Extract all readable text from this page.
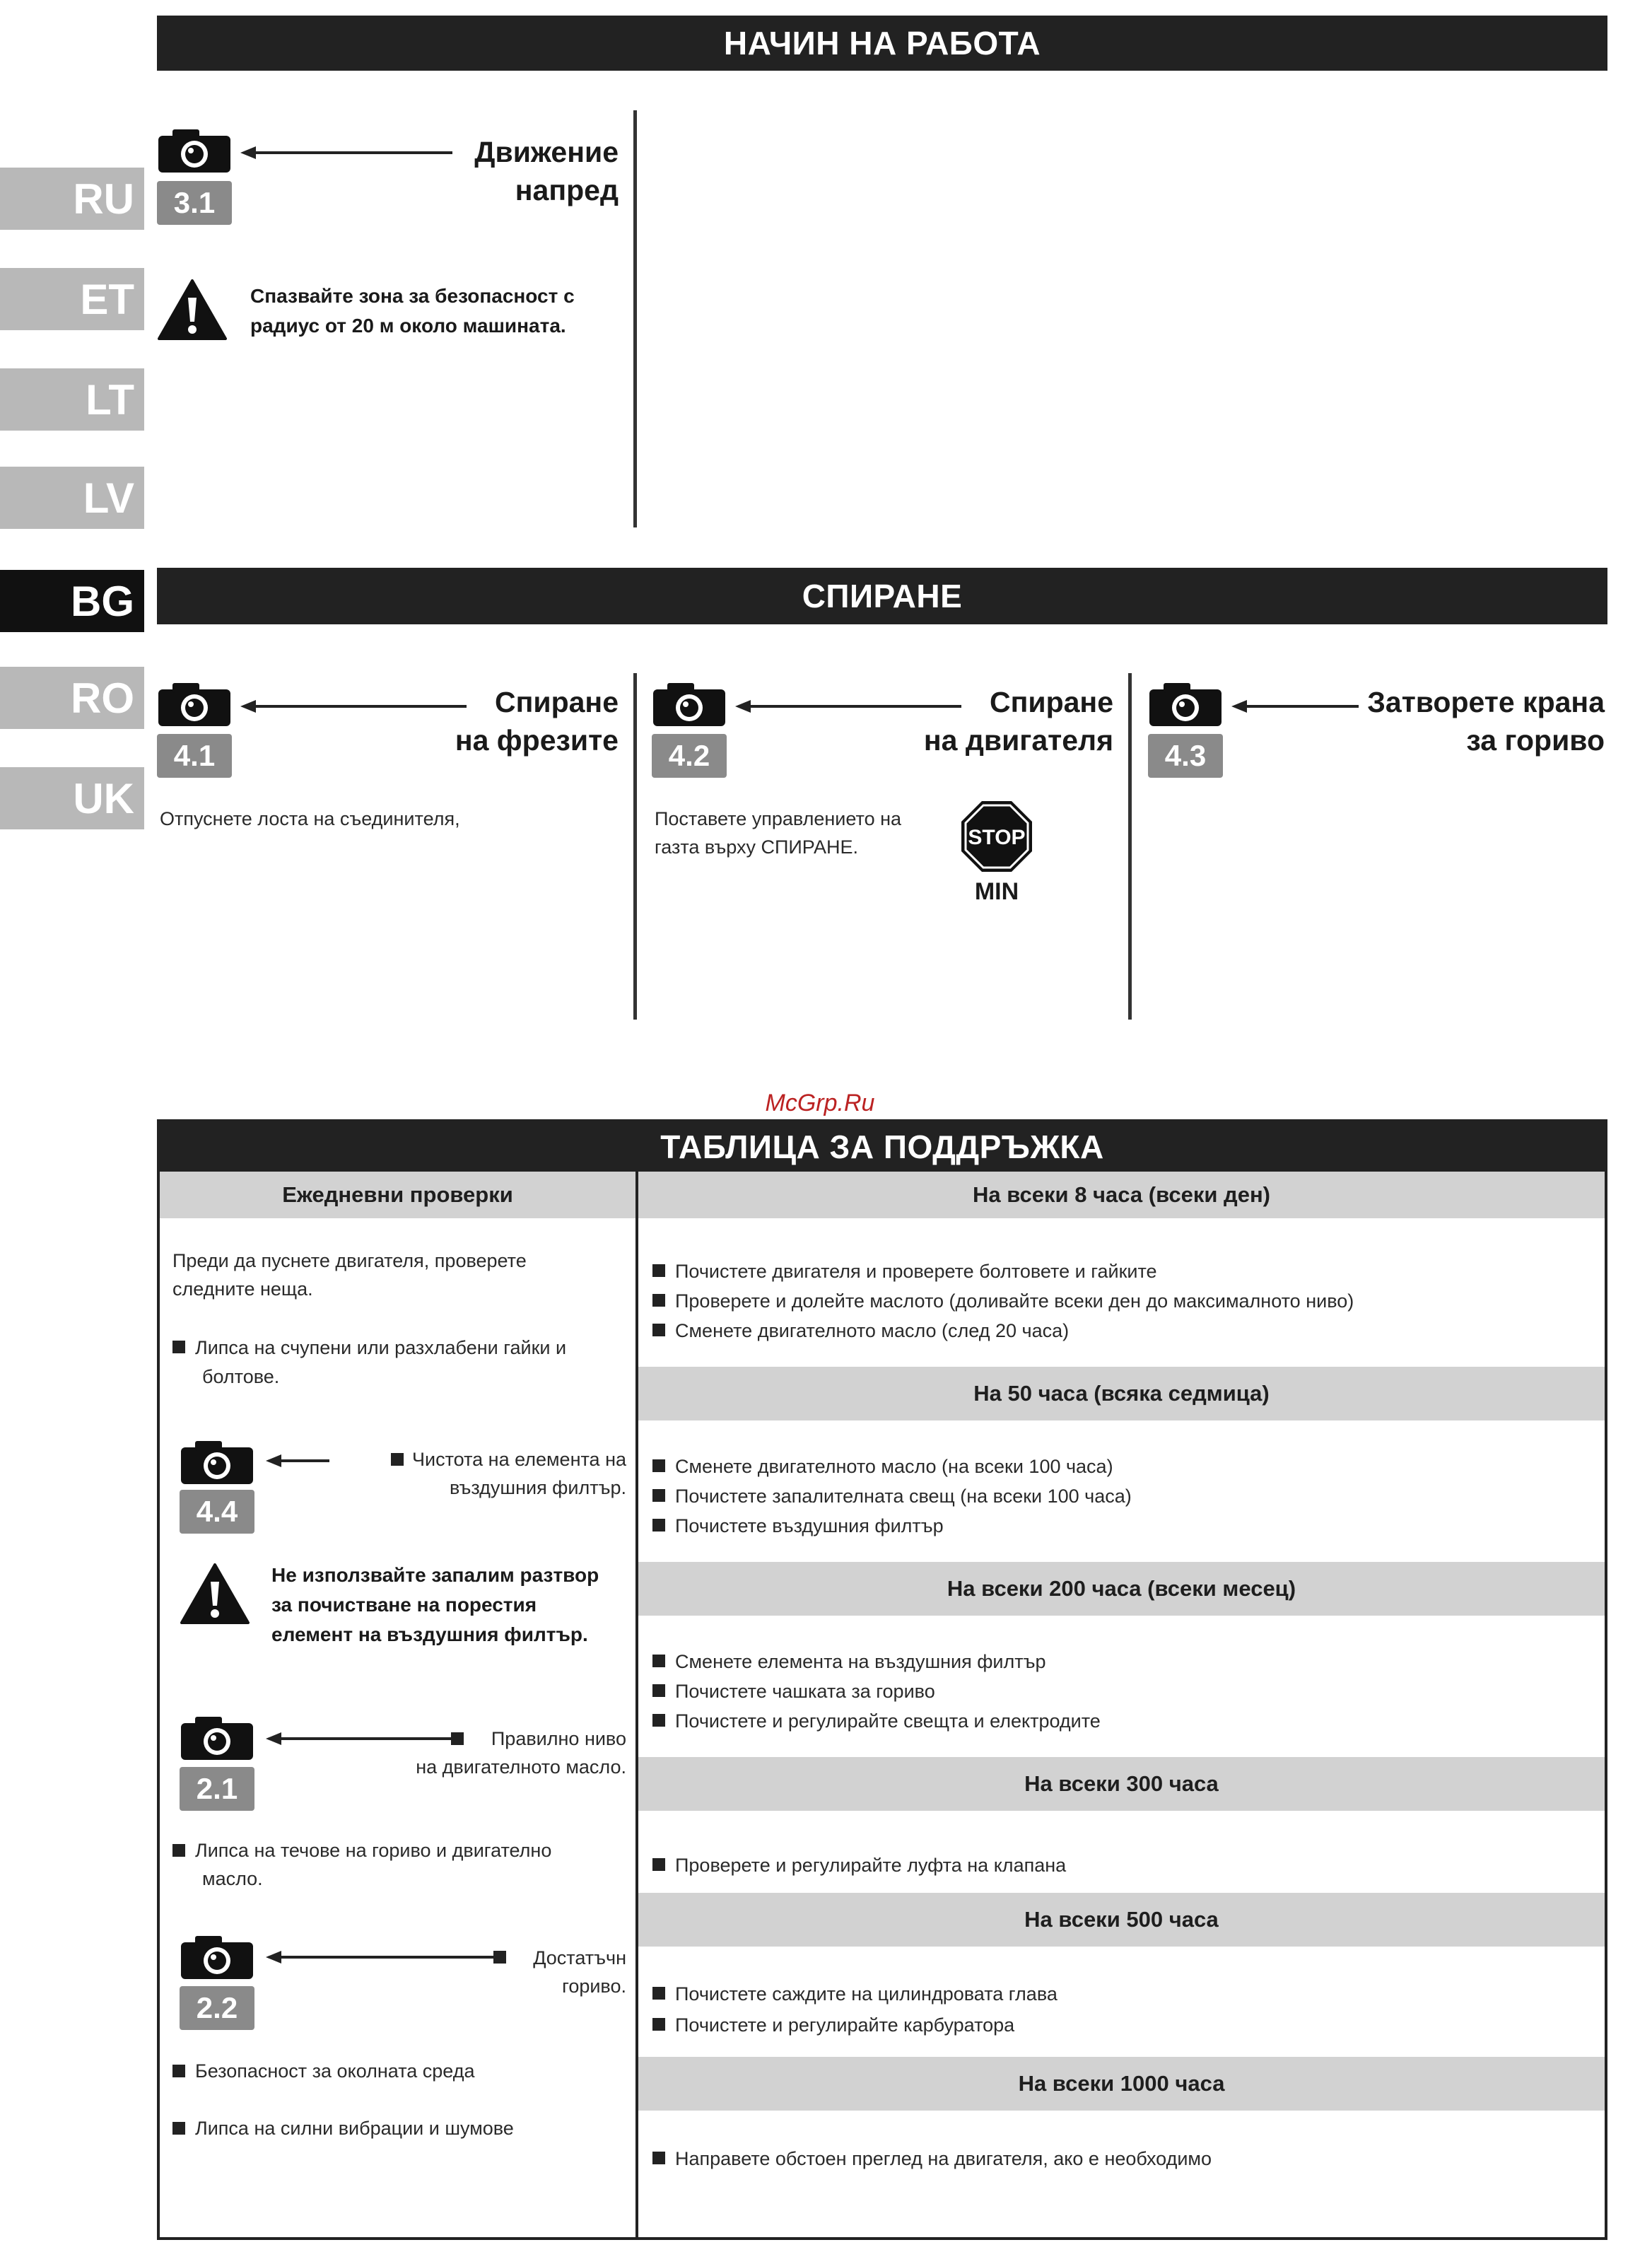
RU
ET
LT
LV
BG
RO
UK
НАЧИН НА РАБОТА
3.1
Движение
напред
Спазвайте зона за безопасност с
радиус от 20 м около машината.
СПИРАНЕ
4.1
Спиране
на фрезите
Отпуснете лоста на съединителя,
4.2
Спиране
на двигателя
Поставете управлението на
газта върху СПИРАНЕ.	STOP
MIN
4.3
Затворете крана
за гориво
McGrp.Ru
ТАБЛИЦА ЗА ПОДДРЪЖКА
Ежедневни проверки
Преди да пуснете двигателя, проверете
следните неща.
Липса на счупени или разхлабени гайки и
болтове.
4.4
Чистота на елемента на
въздушния филтър.
Не използвайте запалим разтвор
за почистване на порестия
елемент на въздушния филтър.
2.1
Правилно ниво
на двигателното масло.
Липса на течове на гориво и двигателно
масло.
2.2
Достатъчн
гориво.
Безопасност за околната среда
Липса на силни вибрации и шумове
На всеки 8 часа (всеки ден)
Почистете двигателя и проверете болтовете и гайките
Проверете и долейте маслото (доливайте всеки ден до максималното ниво)
Сменете двигателното масло (след 20 часа)
На 50 часа (всяка седмица)
Сменете двигателното масло (на всеки 100 часа)
Почистете запалителната свещ (на всеки 100 часа)
Почистете въздушния филтър
На всеки 200 часа (всеки месец)
Сменете елемента на въздушния филтър
Почистете чашката за гориво
Почистете и регулирайте свещта и електродите
На всеки 300 часа
Проверете и регулирайте луфта на клапана
На всеки 500 часа
Почистете саждите на цилиндровата глава
Почистете и регулирайте карбуратора
На всеки 1000 часа
Направете обстоен преглед на двигателя, ако е необходимо
